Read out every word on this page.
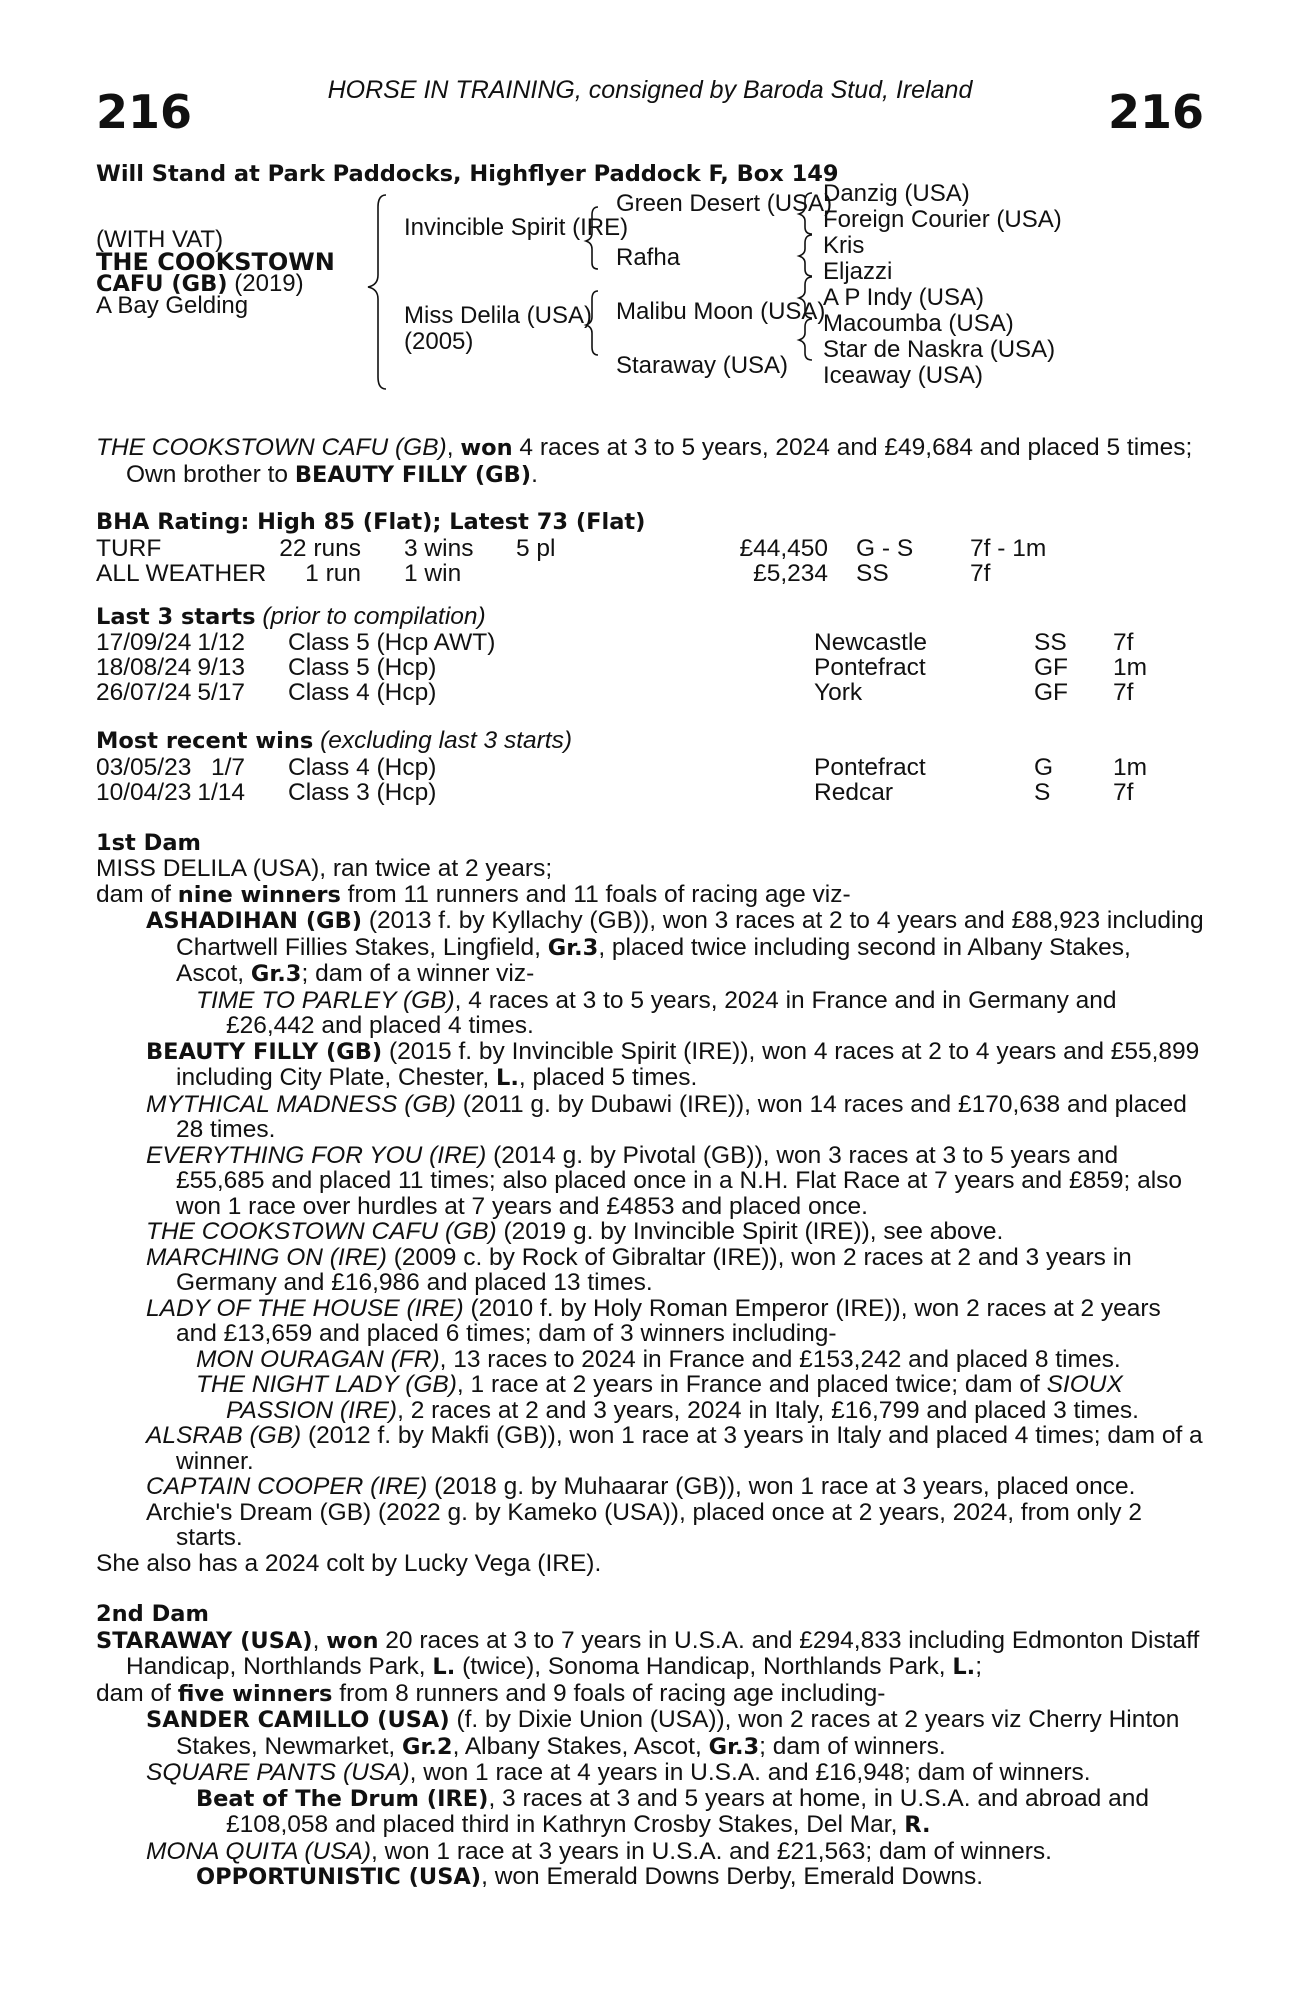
HORSE IN TRAINING, consigned by Baroda Stud, Ireland
216	216
Will Stand at Park Paddocks, Highflyer Paddock F, Box 149
(WITH VAT)
THE COOKSTOWN
CAFU (GB) (2019)
A Bay Gelding
Invincible Spirit (IRE)
Miss Delila (USA)
(2005)
Green Desert (USA)
Rafha
Malibu Moon (USA)
Staraway (USA)
Danzig (USA)
Foreign Courier (USA)
Kris
Eljazzi
A P Indy (USA)
Macoumba (USA)
Star de Naskra (USA)
Iceaway (USA)

THE COOKSTOWN CAFU (GB), won 4 races at 3 to 5 years, 2024 and £49,684 and placed 5 times; Own brother to BEAUTY FILLY (GB).

BHA Rating: High 85 (Flat); Latest 73 (Flat)
TURF	22 runs 3 wins 5 pl	£44,450 G - S 7f - 1m
ALL WEATHER 1 run 1 win	£5,234 SS	7f
Last 3 starts (prior to compilation)
17/09/24 1/12 Class 5 (Hcp AWT)	Newcastle	SS 7f
18/08/24 9/13 Class 5 (Hcp)	Pontefract	GF 1m
26/07/24 5/17 Class 4 (Hcp)	York	GF 7f
Most recent wins (excluding last 3 starts)
03/05/23 1/7 Class 4 (Hcp)	Pontefract	G 1m
10/04/23 1/14 Class 3 (Hcp)	Redcar	S	7f
1st Dam

MISS DELILA (USA), ran twice at 2 years;

dam of nine winners from 11 runners and 11 foals of racing age viz-

ASHADIHAN (GB) (2013 f. by Kyllachy (GB)), won 3 races at 2 to 4 years and £88,923 including Chartwell Fillies Stakes, Lingfield, Gr.3, placed twice including second in Albany Stakes, Ascot, Gr.3; dam of a winner viz-

TIME TO PARLEY (GB), 4 races at 3 to 5 years, 2024 in France and in Germany and £26,442 and placed 4 times.

BEAUTY FILLY (GB) (2015 f. by Invincible Spirit (IRE)), won 4 races at 2 to 4 years and £55,899 including City Plate, Chester, L., placed 5 times.

MYTHICAL MADNESS (GB) (2011 g. by Dubawi (IRE)), won 14 races and £170,638 and placed 28 times.

EVERYTHING FOR YOU (IRE) (2014 g. by Pivotal (GB)), won 3 races at 3 to 5 years and £55,685 and placed 11 times; also placed once in a N.H. Flat Race at 7 years and £859; also won 1 race over hurdles at 7 years and £4853 and placed once.

THE COOKSTOWN CAFU (GB) (2019 g. by Invincible Spirit (IRE)), see above.

MARCHING ON (IRE) (2009 c. by Rock of Gibraltar (IRE)), won 2 races at 2 and 3 years in Germany and £16,986 and placed 13 times.

LADY OF THE HOUSE (IRE) (2010 f. by Holy Roman Emperor (IRE)), won 2 races at 2 years and £13,659 and placed 6 times; dam of 3 winners including-

MON OURAGAN (FR), 13 races to 2024 in France and £153,242 and placed 8 times.

THE NIGHT LADY (GB), 1 race at 2 years in France and placed twice; dam of SIOUX PASSION (IRE), 2 races at 2 and 3 years, 2024 in Italy, £16,799 and placed 3 times.

ALSRAB (GB) (2012 f. by Makfi (GB)), won 1 race at 3 years in Italy and placed 4 times; dam of a winner.

CAPTAIN COOPER (IRE) (2018 g. by Muhaarar (GB)), won 1 race at 3 years, placed once.

Archie's Dream (GB) (2022 g. by Kameko (USA)), placed once at 2 years, 2024, from only 2 starts.

She also has a 2024 colt by Lucky Vega (IRE).

2nd Dam

STARAWAY (USA), won 20 races at 3 to 7 years in U.S.A. and £294,833 including Edmonton Distaff Handicap, Northlands Park, L. (twice), Sonoma Handicap, Northlands Park, L.;

dam of five winners from 8 runners and 9 foals of racing age including-

SANDER CAMILLO (USA) (f. by Dixie Union (USA)), won 2 races at 2 years viz Cherry Hinton Stakes, Newmarket, Gr.2, Albany Stakes, Ascot, Gr.3; dam of winners.

SQUARE PANTS (USA), won 1 race at 4 years in U.S.A. and £16,948; dam of winners.

Beat of The Drum (IRE), 3 races at 3 and 5 years at home, in U.S.A. and abroad and £108,058 and placed third in Kathryn Crosby Stakes, Del Mar, R.

MONA QUITA (USA), won 1 race at 3 years in U.S.A. and £21,563; dam of winners.

OPPORTUNISTIC (USA), won Emerald Downs Derby, Emerald Downs.
